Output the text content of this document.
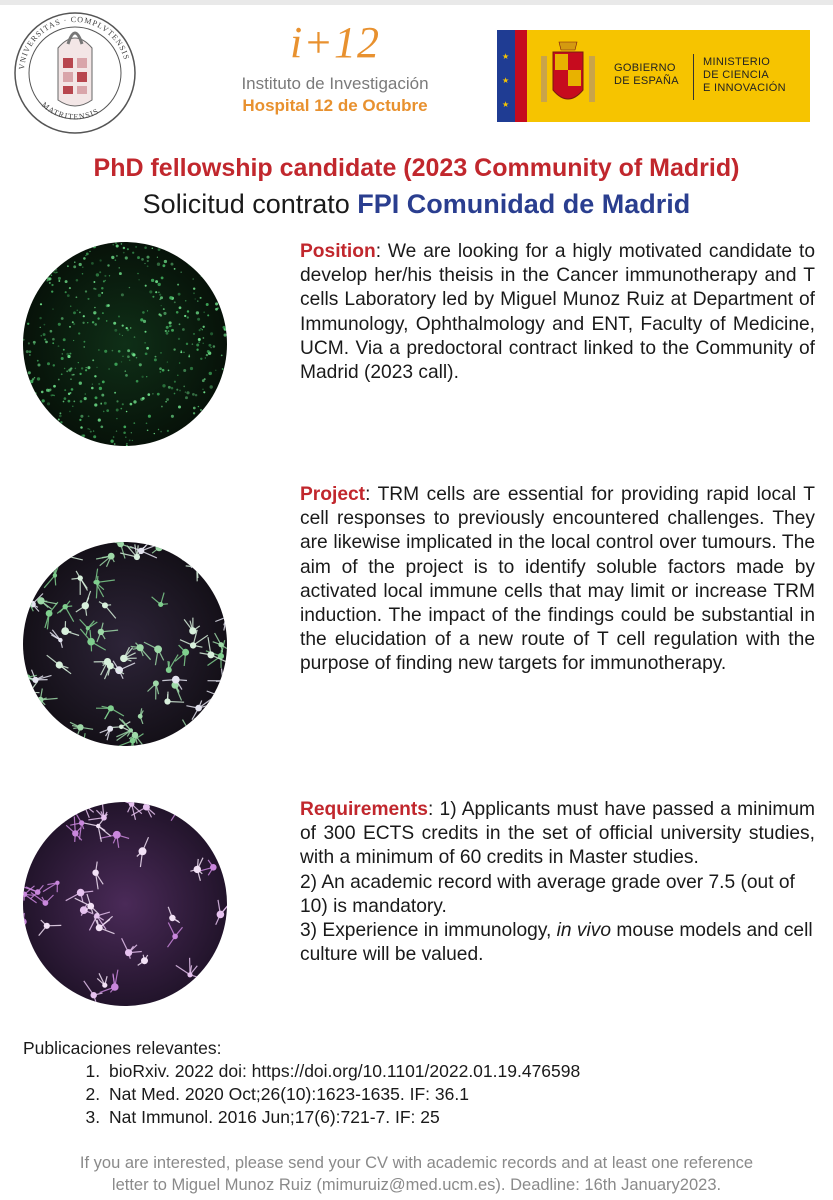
VNIVERSITAS · COMPLVTENSIS
MATRITENSIS
i+12
Instituto de Investigación
Hospital 12 de Octubre
★
★
★
GOBIERNO
DE ESPAÑA
MINISTERIO
DE CIENCIA
E INNOVACIÓN
PhD fellowship candidate (2023 Community of Madrid)
Solicitud contrato FPI Comunidad de Madrid
Position: We are looking for a higly motivated candidate to develop her/his theisis in the Cancer immunotherapy and T cells Laboratory led by Miguel Munoz Ruiz at Department of Immunology, Ophthalmology and ENT, Faculty of Medicine, UCM. Via a predoctoral contract linked to the Community of Madrid (2023 call).
Project: TRM cells are essential for providing rapid local T cell responses to previously encountered challenges. They are likewise implicated in the local control over tumours. The aim of the project is to identify soluble factors made by activated local immune cells that may limit or increase TRM induction. The impact of the findings could be substantial in the elucidation of a new route of T cell regulation with the purpose of finding new targets for immunotherapy.
Requirements: 1) Applicants must have passed a minimum of 300 ECTS credits in the set of official university studies, with a minimum of 60 credits in Master studies.
2) An academic record with average grade over 7.5 (out of 10) is mandatory.
3) Experience in immunology, in vivo mouse models and cell culture will be valued.
Publicaciones relevantes:
1. bioRxiv. 2022 doi: https://doi.org/10.1101/2022.01.19.476598
2. Nat Med. 2020 Oct;26(10):1623-1635. IF: 36.1
3. Nat Immunol. 2016 Jun;17(6):721-7. IF: 25
If you are interested, please send your CV with academic records and at least one reference
letter to Miguel Munoz Ruiz (mimuruiz@med.ucm.es). Deadline: 16th January2023.
